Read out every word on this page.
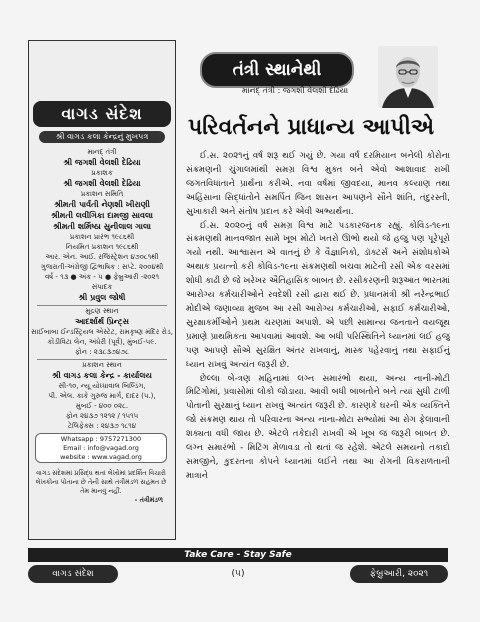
વાગડ સંદેશ
શ્રી વાગડ કલા કેન્દ્રનું મુખપત્ર
માનદ્ તંત્રી
શ્રી જગશી વેલશી દેઢિયા
પ્રકાશક
શ્રી જગશી વેલશી દેઢિયા
પ્રકાશન સમિતિ
શ્રીમતી પાર્વતી નેણશી ખીરાણી
શ્રીમતી લવીંગિકા દામજી સાવલા
શ્રીમતી શર્મિષ્ઠા સુનીલાલ ગાલા
પ્રકાશન પ્રારંભ ૧૯૮૬થી
નિયમિત પ્રકાશન ૧૯૮૬થી
આર. એન. આઈ. રજિસ્ટ્રેશન ૪૭૦૮૧થી
ગુજરાતી-અંગ્રેજી દ્વિભાષિક : સપ્ટે. ૨૦૦૪થી
વર્ષ - ૧૩ ● અંક - ૫ ● ફેબ્રુઆરી -૨૦૨૧
સંપાદક
શ્રી પ્રવુલ જોષી
મુદ્રણ સ્થાન
આદર્શાર્થ પ્રિન્ટ્સ
સાઈબાબા ઈન્ડસ્ટ્રિયલ એસ્ટેટ, રામકૃષ્ણ મંદિર રોડ,
કોંડીવિટા લેન, અંધેરી (પૂર્વ), મુંબઈ-૫૯.
ફોન : ૨૩૮૩૭૪૭૮
પ્રકાશન સ્થાન
શ્રી વાગડ કલા કેન્દ્ર - કાર્યાલય
સી-૧૦, ન્યૂ યોધ્ધાવાલ બિલ્ડિંગ,
પી. એલ. કાકે ગુરુજ માર્ગ, દાદર (પ.),
મુંબઈ - ૪૦૦ ૦૨૮.
ફોન ૨૪૩૭ ૧૨૧૨ / ૧૫૧૫
ટેલિફેક્સ : ૨૪૩૭ ૧૮૧૪
Whatsapp : 9757271300
Email : info@vagad.org
website : www.vagad.org
વાગડ સંદેશમાં પ્રસિદ્ધ થતાં લેખોમાં પ્રદર્શિત વિચારો લેખકોના પોતાના છે તેની સાથે તંત્રીમંડળ સહમત છે તેમ માનવું નહીં.
- તંત્રીમંડળ
તંત્રી સ્થાનેથી
માનદ્ તંત્રી : જગશી વેલશી દેઢિયા
પરિવર્તનને પ્રાધાન્ય આપીએ

ઈ.સ. ૨૦૨૧નું વર્ષ શરૂ થઈ ગયું છે. ગયા વર્ષ દરમિયાન બનેલી કોરોના સંક્રમણની ચુંગાલમાંથી સમગ્ર વિશ્વ મુક્ત બને એવો આશાવાદ રાખી જગતવિધાતાને પ્રાર્થના કરીએ. નવા વર્ષમાં જીવદયા, માનવ કલ્યાણ તથા અહિંસાના સિદ્ધાંતોને સમર્પિત જિન શાસન આપણને સૌને શાંતિ, તંદુરસ્તી, સુખાકારી અને સંતોષ પ્રદાન કરે એવી અભ્યર્થના.

ઈ.સ. ૨૦૨૦નું વર્ષ સમગ્ર વિશ્વ માટે પડકારજનક રહ્યું. કોવિડ-૧૯ના સંક્રમણથી માનવજાત સામે ખૂબ મોટો ખતરો ઊભો થયો જે હજુ પણ પૂરેપૂરો ગયો નથી. આશ્વાસન એ વાતનું છે કે વૈજ્ઞાનિકો, ડૉક્ટર્સ અને સંશોધકોએ અથાક પ્રયત્નો કરી કોવિડ-૧૯ના સંક્રમણથી બચવા માટેની રસી એક વરસમાં શોધી કાઢી છે જે ખરેખર ઐતિહાસિક બાબત છે. રસીકરણની શરૂઆત ભારતમાં આરોગ્ય કર્મચારીઓને રવદેશી રસી દ્વારા થઈ છે. પ્રધાનમંત્રી શ્રી નરેન્દ્રભાઈ મોદીએ જણાવ્યા મુજબ આ રસી આરોગ્ય કર્મચારીઓ, સફાઈ કર્મચારીઓ, સુરક્ષાકર્મીઓને પ્રથમ ચરણમાં અપાશે. એ પછી સામાન્ય જનતાને વયજૂથ પ્રમાણે પ્રાથમિકતા આપવામાં આવશે. આ બધી પરિસ્થિતિને ધ્યાનમાં લઈ હજુ પણ આપણે સૌએ સુરક્ષિત અંતર રાખવાનું, માસ્ક પહેરવાનું તથા સફાઈનું ધ્યાન રાખવું અત્યંત જરૂરી છે.

છેલ્લા બે-ત્રણ મહિનામાં લગ્ન સમારંભો થયા, અન્ય નાની-મોટી મિટિંગોમાં, પ્રવાસોમાં લોકો જોડાયા. આવી બધી બાબતોને બને ત્યાં સુધી ટાળી પોતાની સુરક્ષાનું ધ્યાન રાખવું અત્યંત જરૂરી છે. કારણકે ઘરની એક વ્યક્તિને જો સંક્રમણ થાય તો પરિવારના અન્ય નાના-મોટા સભ્યોમાં આ રોગ ફેલાવાની શક્યતા વધી જાય છે. એટલે તકેદારી રાખવી એ ખૂબ જ જરૂરી બાબત છે. લગ્ન સમારંભો - મિટિંગ મેળાવડા તો થતાં જ રહેશે. એટલે સમયનો તકાદો સમજીને, કુદરતના કોપને ધ્યાનમાં લઈને તથા આ રોગની વિકરાળતાની માત્રાને

Take Care - Stay Safe
વાગડ સંદેશ	(૫)	ફેબ્રુઆરી, ૨૦૨૧
